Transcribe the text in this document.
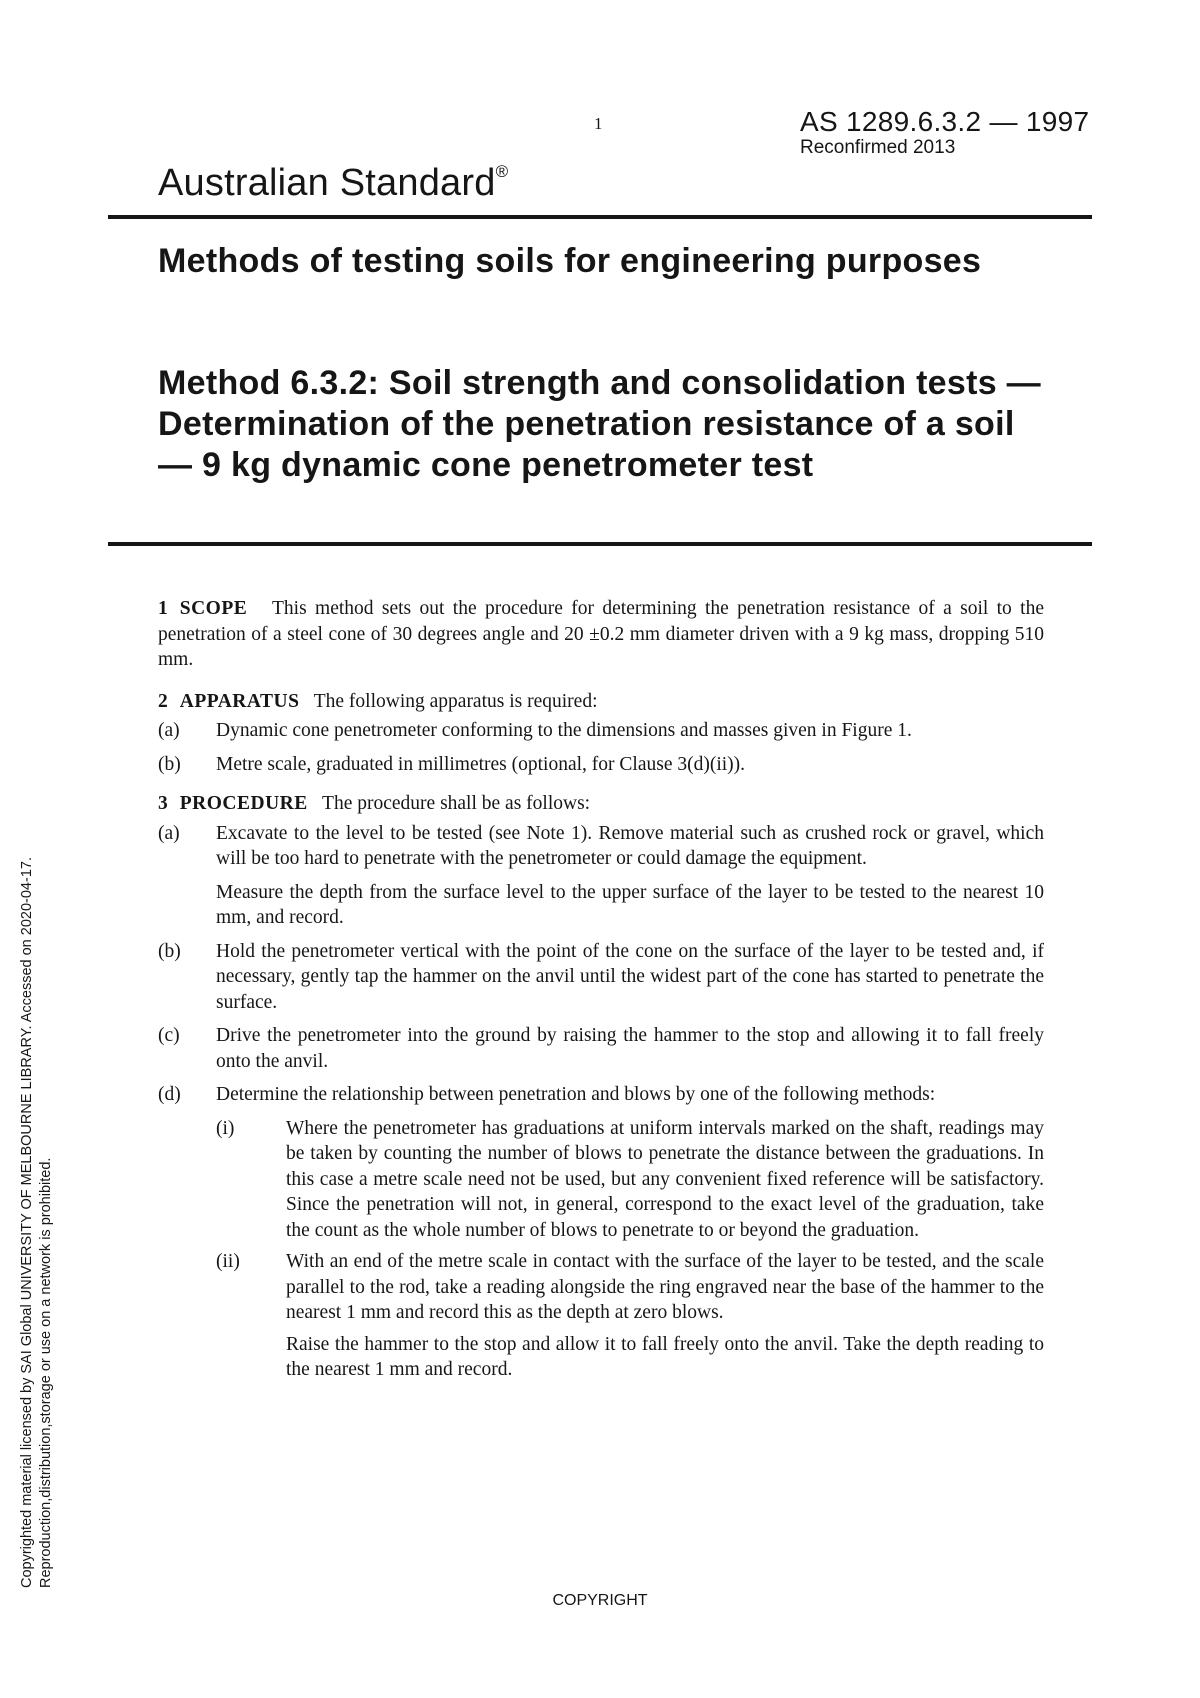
1	AS 1289.6.3.2 — 1997
Reconfirmed 2013
Australian Standard®
Methods of testing soils for engineering purposes
Method 6.3.2: Soil strength and consolidation tests — Determination of the penetration resistance of a soil — 9 kg dynamic cone penetrometer test
Copyrighted material licensed by SAI Global UNIVERSITY OF MELBOURNE LIBRARY. Accessed on 2020-04-17. Reproduction,distribution,storage or use on a network is prohibited.

1 SCOPE This method sets out the procedure for determining the penetration resistance of a soil to the penetration of a steel cone of 30 degrees angle and 20 ±0.2 mm diameter driven with a 9 kg mass, dropping 510 mm.

2 APPARATUS The following apparatus is required:

(a) Dynamic cone penetrometer conforming to the dimensions and masses given in Figure 1.
(b) Metre scale, graduated in millimetres (optional, for Clause 3(d)(ii)).

3 PROCEDURE The procedure shall be as follows:

(a) Excavate to the level to be tested (see Note 1). Remove material such as crushed rock or gravel, which will be too hard to penetrate with the penetrometer or could damage the equipment.

Measure the depth from the surface level to the upper surface of the layer to be tested to the nearest 10 mm, and record.

(b) Hold the penetrometer vertical with the point of the cone on the surface of the layer to be tested and, if necessary, gently tap the hammer on the anvil until the widest part of the cone has started to penetrate the surface.
(c) Drive the penetrometer into the ground by raising the hammer to the stop and allowing it to fall freely onto the anvil.
(d) Determine the relationship between penetration and blows by one of the following methods:
(i)	Where the penetrometer has graduations at uniform intervals marked on the shaft, readings may be taken by counting the number of blows to penetrate the distance between the graduations. In this case a metre scale need not be used, but any convenient fixed reference will be satisfactory. Since the penetration will not, in general, correspond to the exact level of the graduation, take the count as the whole number of blows to penetrate to or beyond the graduation.
(ii) With an end of the metre scale in contact with the surface of the layer to be tested, and the scale parallel to the rod, take a reading alongside the ring engraved near the base of the hammer to the nearest 1 mm and record this as the depth at zero blows.

Raise the hammer to the stop and allow it to fall freely onto the anvil. Take the depth reading to the nearest 1 mm and record.

COPYRIGHT
